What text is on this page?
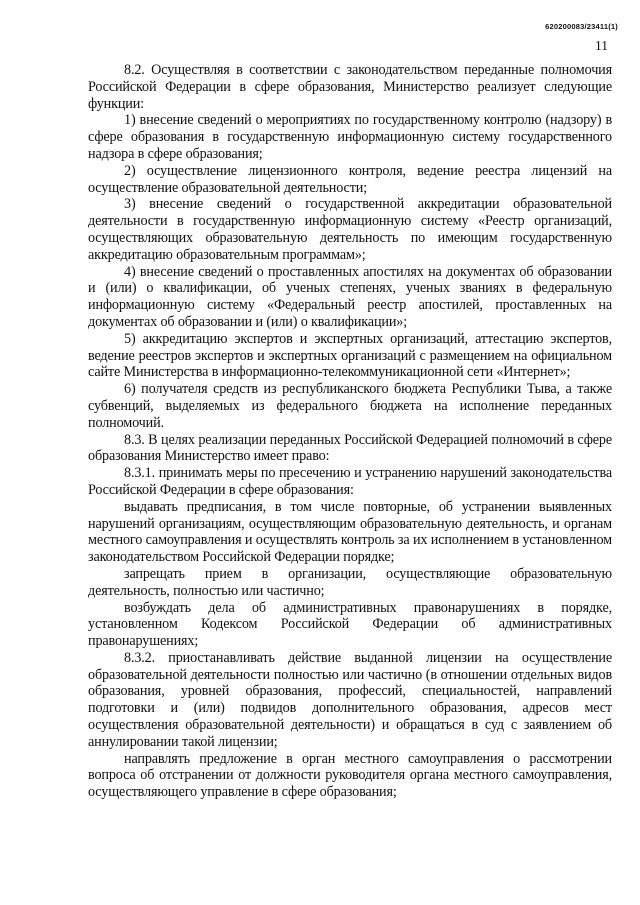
620200083/23411(1)
11

8.2. Осуществляя в соответствии с законодательством переданные полномочия Российской Федерации в сфере образования, Министерство реализует следующие функции:

1) внесение сведений о мероприятиях по государственному контролю (надзору) в сфере образования в государственную информационную систему государственного надзора в сфере образования;

2) осуществление лицензионного контроля, ведение реестра лицензий на осуществление образовательной деятельности;

3) внесение сведений о государственной аккредитации образовательной деятельности в государственную информационную систему «Реестр организаций, осуществляющих образовательную деятельность по имеющим государственную аккредитацию образовательным программам»;

4) внесение сведений о проставленных апостилях на документах об образовании и (или) о квалификации, об ученых степенях, ученых званиях в федеральную информационную систему «Федеральный реестр апостилей, проставленных на документах об образовании и (или) о квалификации»;

5) аккредитацию экспертов и экспертных организаций, аттестацию экспертов, ведение реестров экспертов и экспертных организаций с размещением на официальном сайте Министерства в информационно-телекоммуникационной сети «Интернет»;

6) получателя средств из республиканского бюджета Республики Тыва, а также субвенций, выделяемых из федерального бюджета на исполнение переданных полномочий.

8.3. В целях реализации переданных Российской Федерацией полномочий в сфере образования Министерство имеет право:

8.3.1. принимать меры по пресечению и устранению нарушений законодательства Российской Федерации в сфере образования:

выдавать предписания, в том числе повторные, об устранении выявленных нарушений организациям, осуществляющим образовательную деятельность, и органам местного самоуправления и осуществлять контроль за их исполнением в установленном законодательством Российской Федерации порядке;

запрещать прием в организации, осуществляющие образовательную деятельность, полностью или частично;

возбуждать дела об административных правонарушениях в порядке, установленном Кодексом Российской Федерации об административных правонарушениях;

8.3.2. приостанавливать действие выданной лицензии на осуществление образовательной деятельности полностью или частично (в отношении отдельных видов образования, уровней образования, профессий, специальностей, направлений подготовки и (или) подвидов дополнительного образования, адресов мест осуществления образовательной деятельности) и обращаться в суд с заявлением об аннулировании такой лицензии;

направлять предложение в орган местного самоуправления о рассмотрении вопроса об отстранении от должности руководителя органа местного самоуправления, осуществляющего управление в сфере образования;
